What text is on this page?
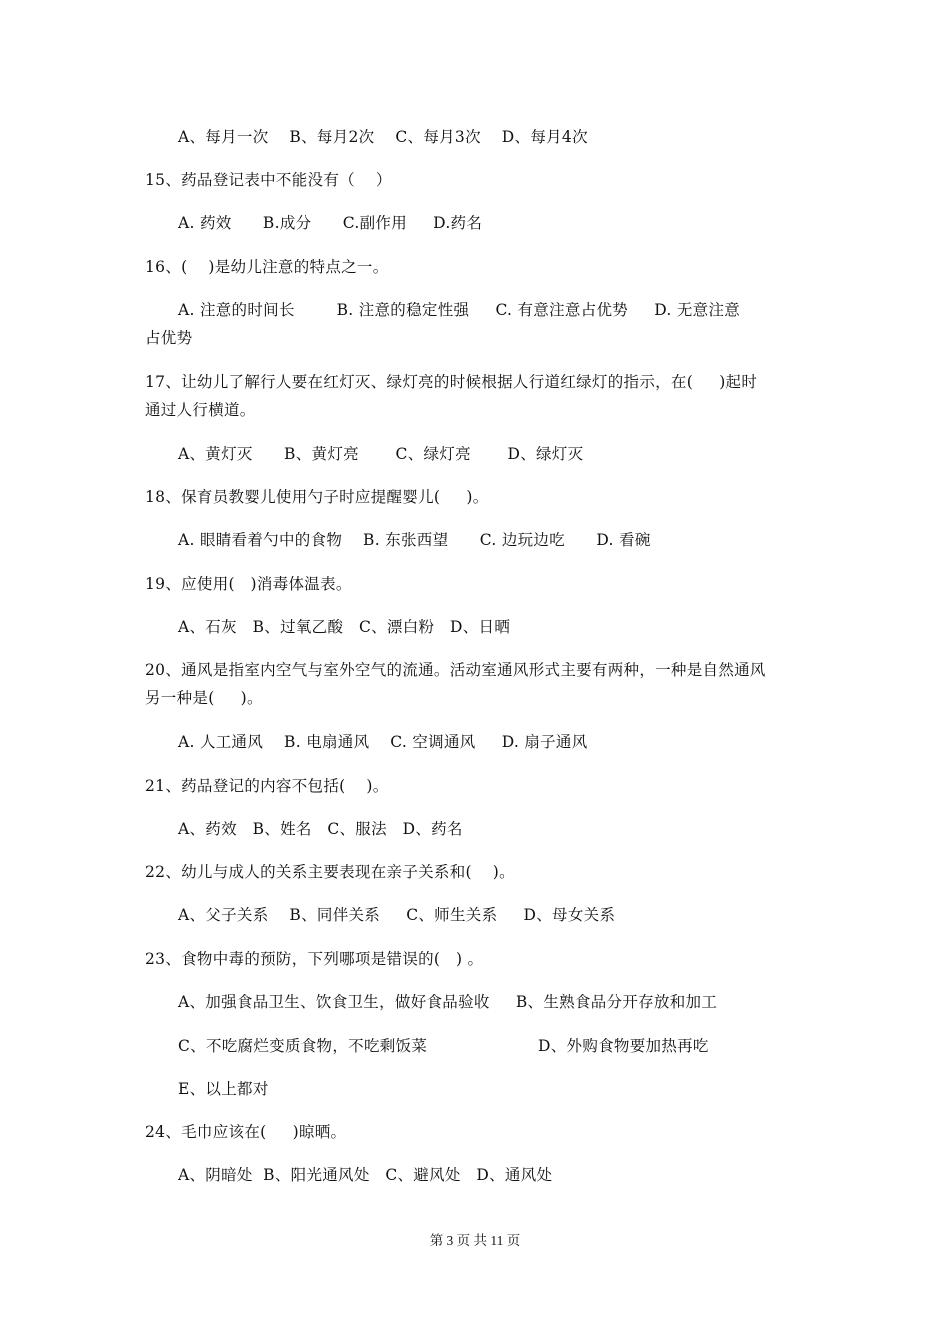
A、每月一次    B、每月2次    C、每月3次    D、每月4次
15、药品登记表中不能没有（    ）
A. 药效      B.成分      C.副作用     D.药名
16、(    )是幼儿注意的特点之一。
A. 注意的时间长        B. 注意的稳定性强     C. 有意注意占优势     D. 无意注意
占优势
17、让幼儿了解行人要在红灯灭、绿灯亮的时候根据人行道红绿灯的指示，在(     )起时
通过人行横道。
A、黄灯灭      B、黄灯亮       C、绿灯亮       D、绿灯灭
18、保育员教婴儿使用勺子时应提醒婴儿(     )。
A. 眼睛看着勺中的食物    B. 东张西望      C. 边玩边吃      D. 看碗
19、应使用(   )消毒体温表。
A、石灰   B、过氧乙酸   C、漂白粉   D、日晒
20、通风是指室内空气与室外空气的流通。活动室通风形式主要有两种，一种是自然通风
另一种是(     )。
A. 人工通风    B. 电扇通风    C. 空调通风     D. 扇子通风
21、药品登记的内容不包括(    )。
A、药效   B、姓名   C、服法   D、药名
22、幼儿与成人的关系主要表现在亲子关系和(    )。
A、父子关系    B、同伴关系     C、师生关系     D、母女关系
23、食物中毒的预防，下列哪项是错误的(   ) 。
A、加强食品卫生、饮食卫生，做好食品验收     B、生熟食品分开存放和加工
C、不吃腐烂变质食物，不吃剩饭菜	D、外购食物要加热再吃
E、以上都对
24、毛巾应该在(     )晾晒。
A、阴暗处  B、阳光通风处   C、避风处   D、通风处
第 3 页 共 11 页
